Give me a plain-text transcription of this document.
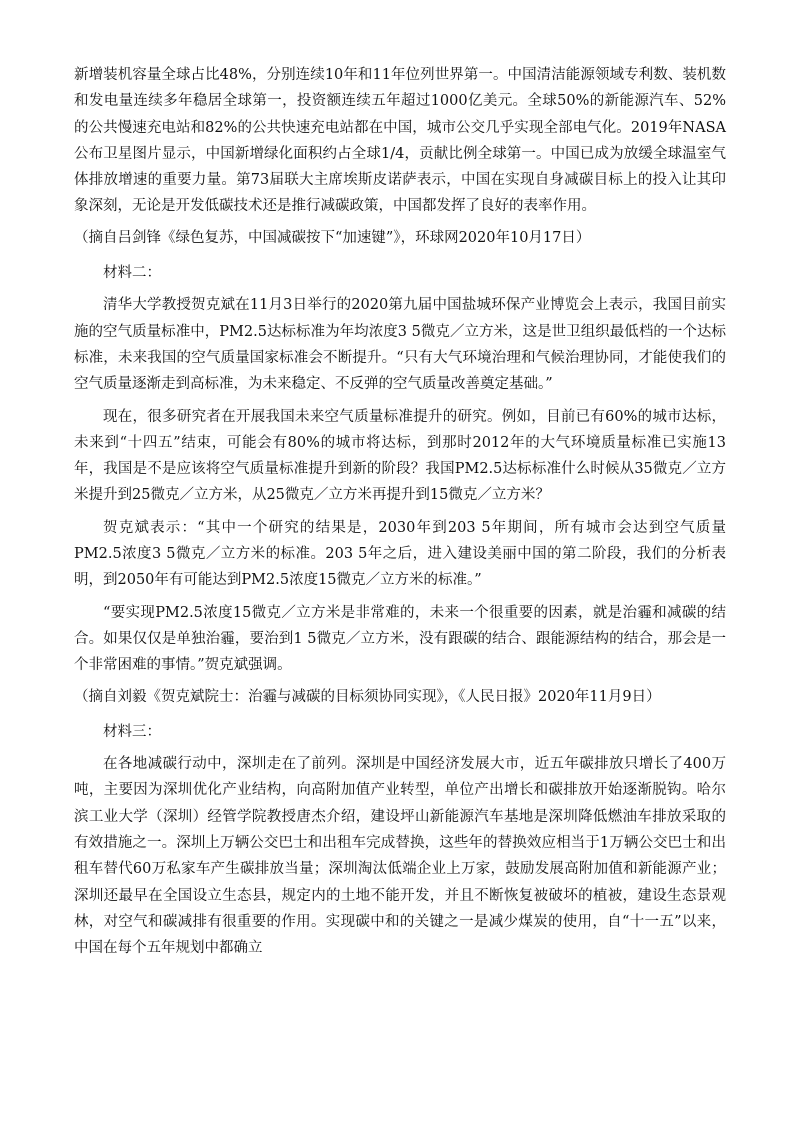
新增装机容量全球占比48%，分别连续10年和11年位列世界第一。中国清洁能源领域专利数、装机数和发电量连续多年稳居全球第一，投资额连续五年超过1000亿美元。全球50%的新能源汽车、52%的公共慢速充电站和82%的公共快速充电站都在中国，城市公交几乎实现全部电气化。2019年NASA公布卫星图片显示，中国新增绿化面积约占全球1/4，贡献比例全球第一。中国已成为放缓全球温室气体排放增速的重要力量。第73届联大主席埃斯皮诺萨表示，中国在实现自身减碳目标上的投入让其印象深刻，无论是开发低碳技术还是推行减碳政策，中国都发挥了良好的表率作用。

（摘自吕剑锋《绿色复苏，中国减碳按下“加速键”》，环球网2020年10月17日）

材料二：

清华大学教授贺克斌在11月3日举行的2020第九届中国盐城环保产业博览会上表示，我国目前实施的空气质量标准中，PM2.5达标标准为年均浓度3 5微克／立方米，这是世卫组织最低档的一个达标标准，未来我国的空气质量国家标准会不断提升。“只有大气环境治理和气候治理协同，才能使我们的空气质量逐渐走到高标准，为未来稳定、不反弹的空气质量改善奠定基础。”

现在，很多研究者在开展我国未来空气质量标准提升的研究。例如，目前已有60%的城市达标，未来到“十四五”结束，可能会有80%的城市将达标，到那时2012年的大气环境质量标准已实施13年，我国是不是应该将空气质量标准提升到新的阶段？我国PM2.5达标标准什么时候从35微克／立方米提升到25微克／立方米，从25微克／立方米再提升到15微克／立方米？

贺克斌表示：“其中一个研究的结果是，2030年到203 5年期间，所有城市会达到空气质量PM2.5浓度3 5微克／立方米的标准。203 5年之后，进入建设美丽中国的第二阶段，我们的分析表明，到2050年有可能达到PM2.5浓度15微克／立方米的标准。”

“要实现PM2.5浓度15微克／立方米是非常难的，未来一个很重要的因素，就是治霾和减碳的结合。如果仅仅是单独治霾，要治到1 5微克／立方米，没有跟碳的结合、跟能源结构的结合，那会是一个非常困难的事情。”贺克斌强调。

（摘自刘毅《贺克斌院士：治霾与减碳的目标须协同实现》，《人民日报》2020年11月9日）

材料三：

在各地减碳行动中，深圳走在了前列。深圳是中国经济发展大市，近五年碳排放只增长了400万吨，主要因为深圳优化产业结构，向高附加值产业转型，单位产出增长和碳排放开始逐渐脱钩。哈尔滨工业大学（深圳）经管学院教授唐杰介绍，建设坪山新能源汽车基地是深圳降低燃油车排放采取的有效措施之一。深圳上万辆公交巴士和出租车完成替换，这些年的替换效应相当于1万辆公交巴士和出租车替代60万私家车产生碳排放当量；深圳淘汰低端企业上万家，鼓励发展高附加值和新能源产业；深圳还最早在全国设立生态县，规定内的土地不能开发，并且不断恢复被破坏的植被，建设生态景观林，对空气和碳减排有很重要的作用。实现碳中和的关键之一是减少煤炭的使用，自“十一五”以来，中国在每个五年规划中都确立
